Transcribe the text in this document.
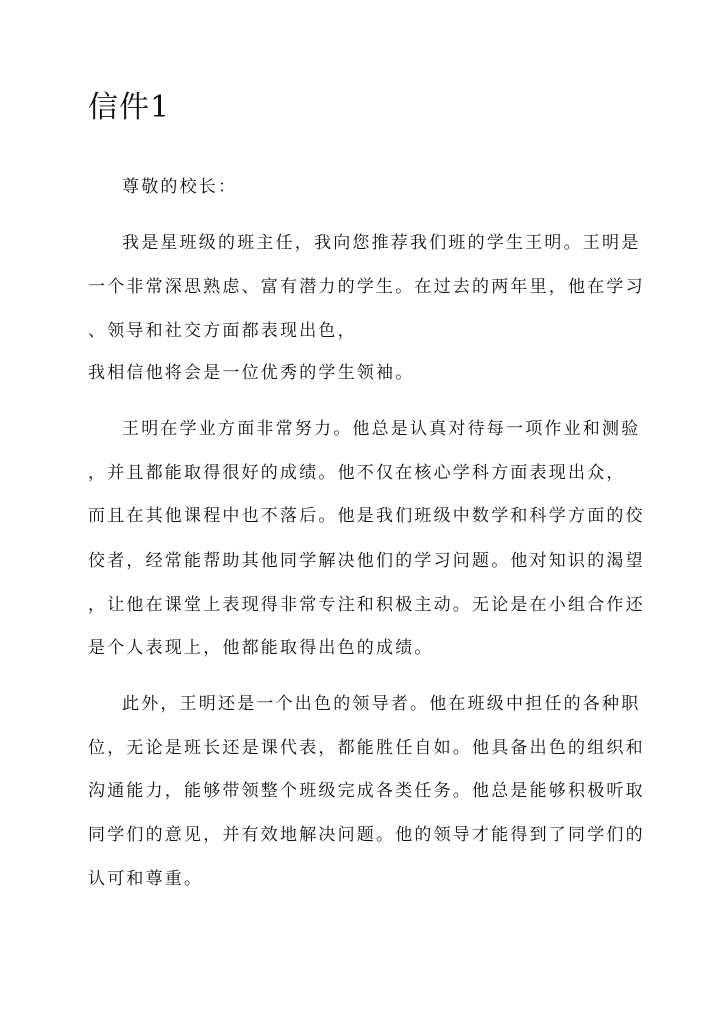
信件1
尊敬的校长：
我是星班级的班主任，我向您推荐我们班的学生王明。王明是
一个非常深思熟虑、富有潜力的学生。在过去的两年里，他在学习
、领导和社交方面都表现出色，
我相信他将会是一位优秀的学生领袖。
王明在学业方面非常努力。他总是认真对待每一项作业和测验
，并且都能取得很好的成绩。他不仅在核心学科方面表现出众，
而且在其他课程中也不落后。他是我们班级中数学和科学方面的佼
佼者，经常能帮助其他同学解决他们的学习问题。他对知识的渴望
，让他在课堂上表现得非常专注和积极主动。无论是在小组合作还
是个人表现上，他都能取得出色的成绩。
此外，王明还是一个出色的领导者。他在班级中担任的各种职
位，无论是班长还是课代表，都能胜任自如。他具备出色的组织和
沟通能力，能够带领整个班级完成各类任务。他总是能够积极听取
同学们的意见，并有效地解决问题。他的领导才能得到了同学们的
认可和尊重。
